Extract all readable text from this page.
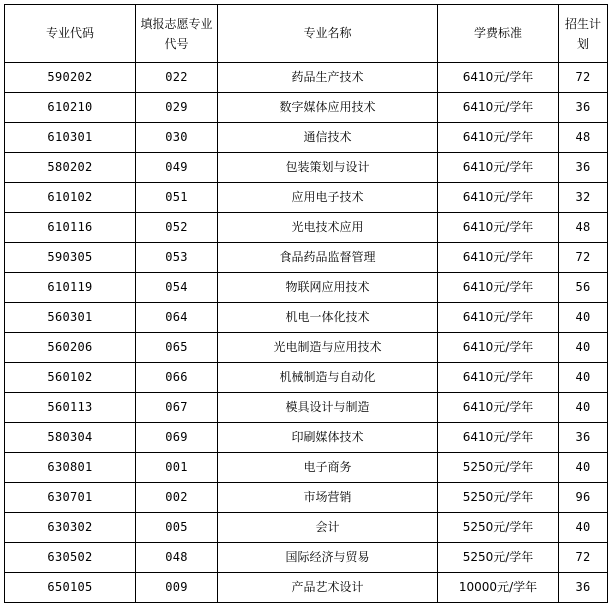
专业代码	填报志愿专业代号	专业名称	学费标准	招生计划
590202	022	药品生产技术	6410元/学年	72
610210	029	数字媒体应用技术	6410元/学年	36
610301	030	通信技术	6410元/学年	48
580202	049	包装策划与设计	6410元/学年	36
610102	051	应用电子技术	6410元/学年	32
610116	052	光电技术应用	6410元/学年	48
590305	053	食品药品监督管理	6410元/学年	72
610119	054	物联网应用技术	6410元/学年	56
560301	064	机电一体化技术	6410元/学年	40
560206	065	光电制造与应用技术	6410元/学年	40
560102	066	机械制造与自动化	6410元/学年	40
560113	067	模具设计与制造	6410元/学年	40
580304	069	印刷媒体技术	6410元/学年	36
630801	001	电子商务	5250元/学年	40
630701	002	市场营销	5250元/学年	96
630302	005	会计	5250元/学年	40
630502	048	国际经济与贸易	5250元/学年	72
650105	009	产品艺术设计	10000元/学年	36
